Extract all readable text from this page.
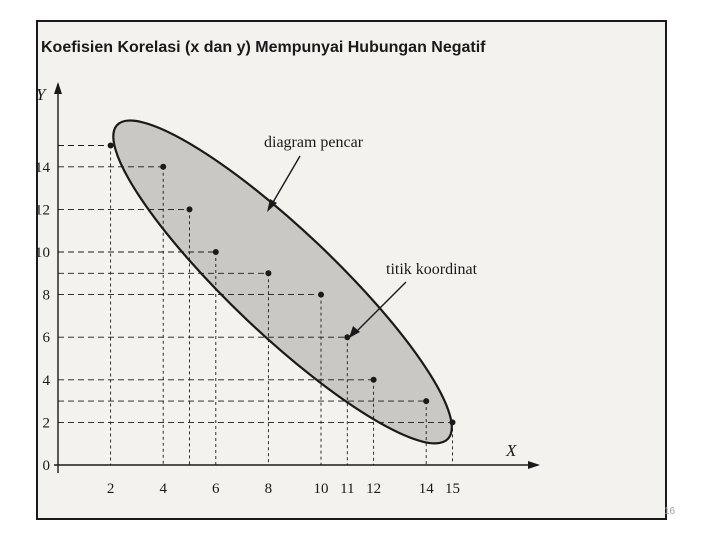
2	4	6	8	10 11 12	14 15
0
2
4
6
8
10
12
14
diagram pencar
titik koordinat
Koefisien Korelasi (x dan y) Mempunyai Hubungan Negatif
X
Y
16
